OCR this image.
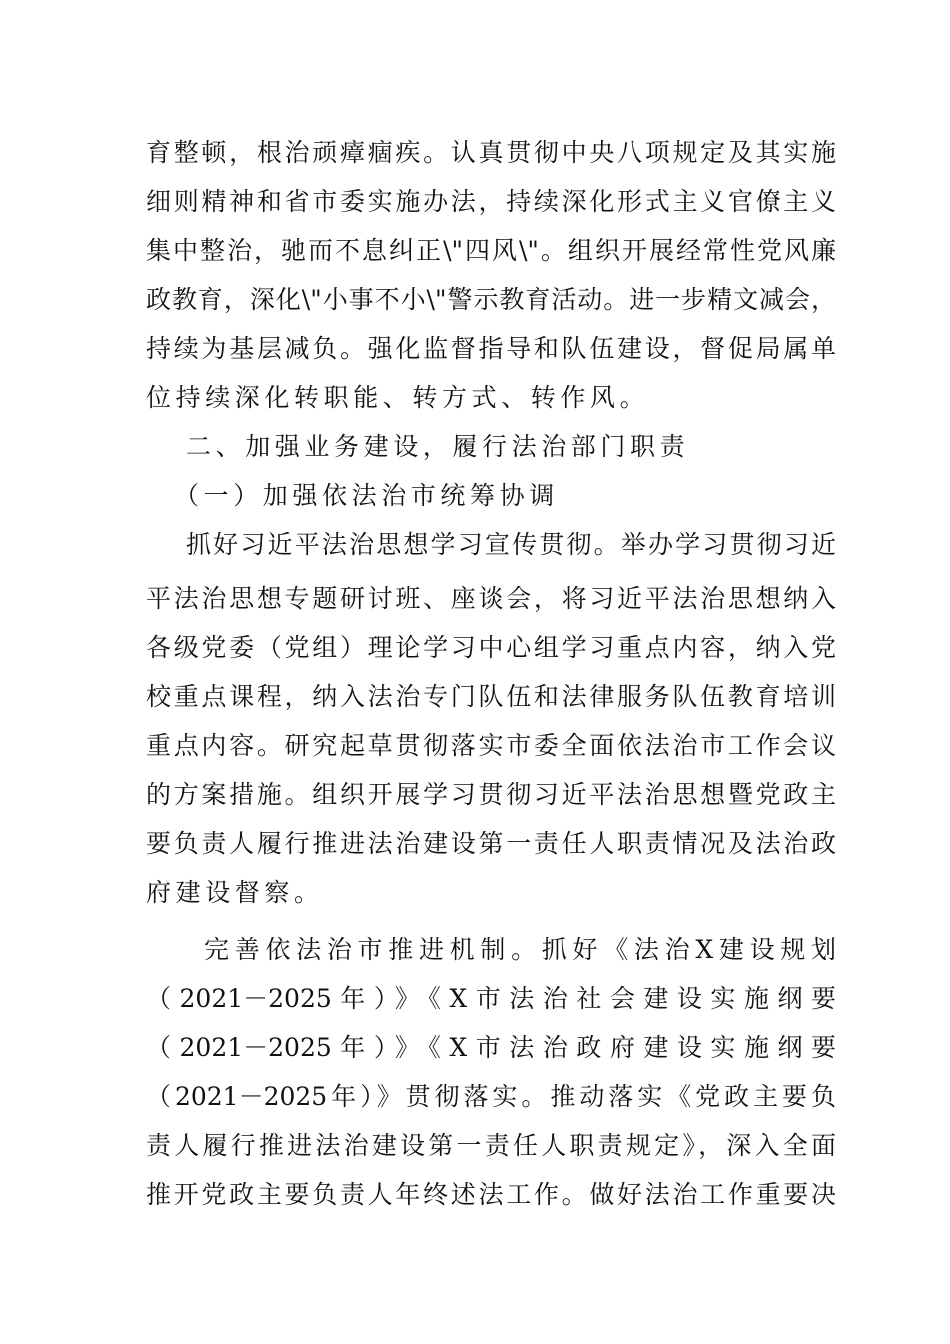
育整顿，根治顽瘴痼疾。认真贯彻中央八项规定及其实施
细则精神和省市委实施办法，持续深化形式主义官僚主义
集中整治，驰而不息纠正\"四风\"。组织开展经常性党风廉
政教育，深化\"小事不小\"警示教育活动。进一步精文减会，
持续为基层减负。强化监督指导和队伍建设，督促局属单
位持续深化转职能、转方式、转作风。
二、加强业务建设，履行法治部门职责
（一）加强依法治市统筹协调
抓好习近平法治思想学习宣传贯彻。举办学习贯彻习近
平法治思想专题研讨班、座谈会，将习近平法治思想纳入
各级党委（党组）理论学习中心组学习重点内容，纳入党
校重点课程，纳入法治专门队伍和法律服务队伍教育培训
重点内容。研究起草贯彻落实市委全面依法治市工作会议
的方案措施。组织开展学习贯彻习近平法治思想暨党政主
要负责人履行推进法治建设第一责任人职责情况及法治政
府建设督察。
完善依法治市推进机制。抓好《法治X建设规划
（2021－2025年）》《X市法治社会建设实施纲要
（2021－2025年）》《X市法治政府建设实施纲要
（2021－2025年）》贯彻落实。推动落实《党政主要负
责人履行推进法治建设第一责任人职责规定》，深入全面
推开党政主要负责人年终述法工作。做好法治工作重要决
